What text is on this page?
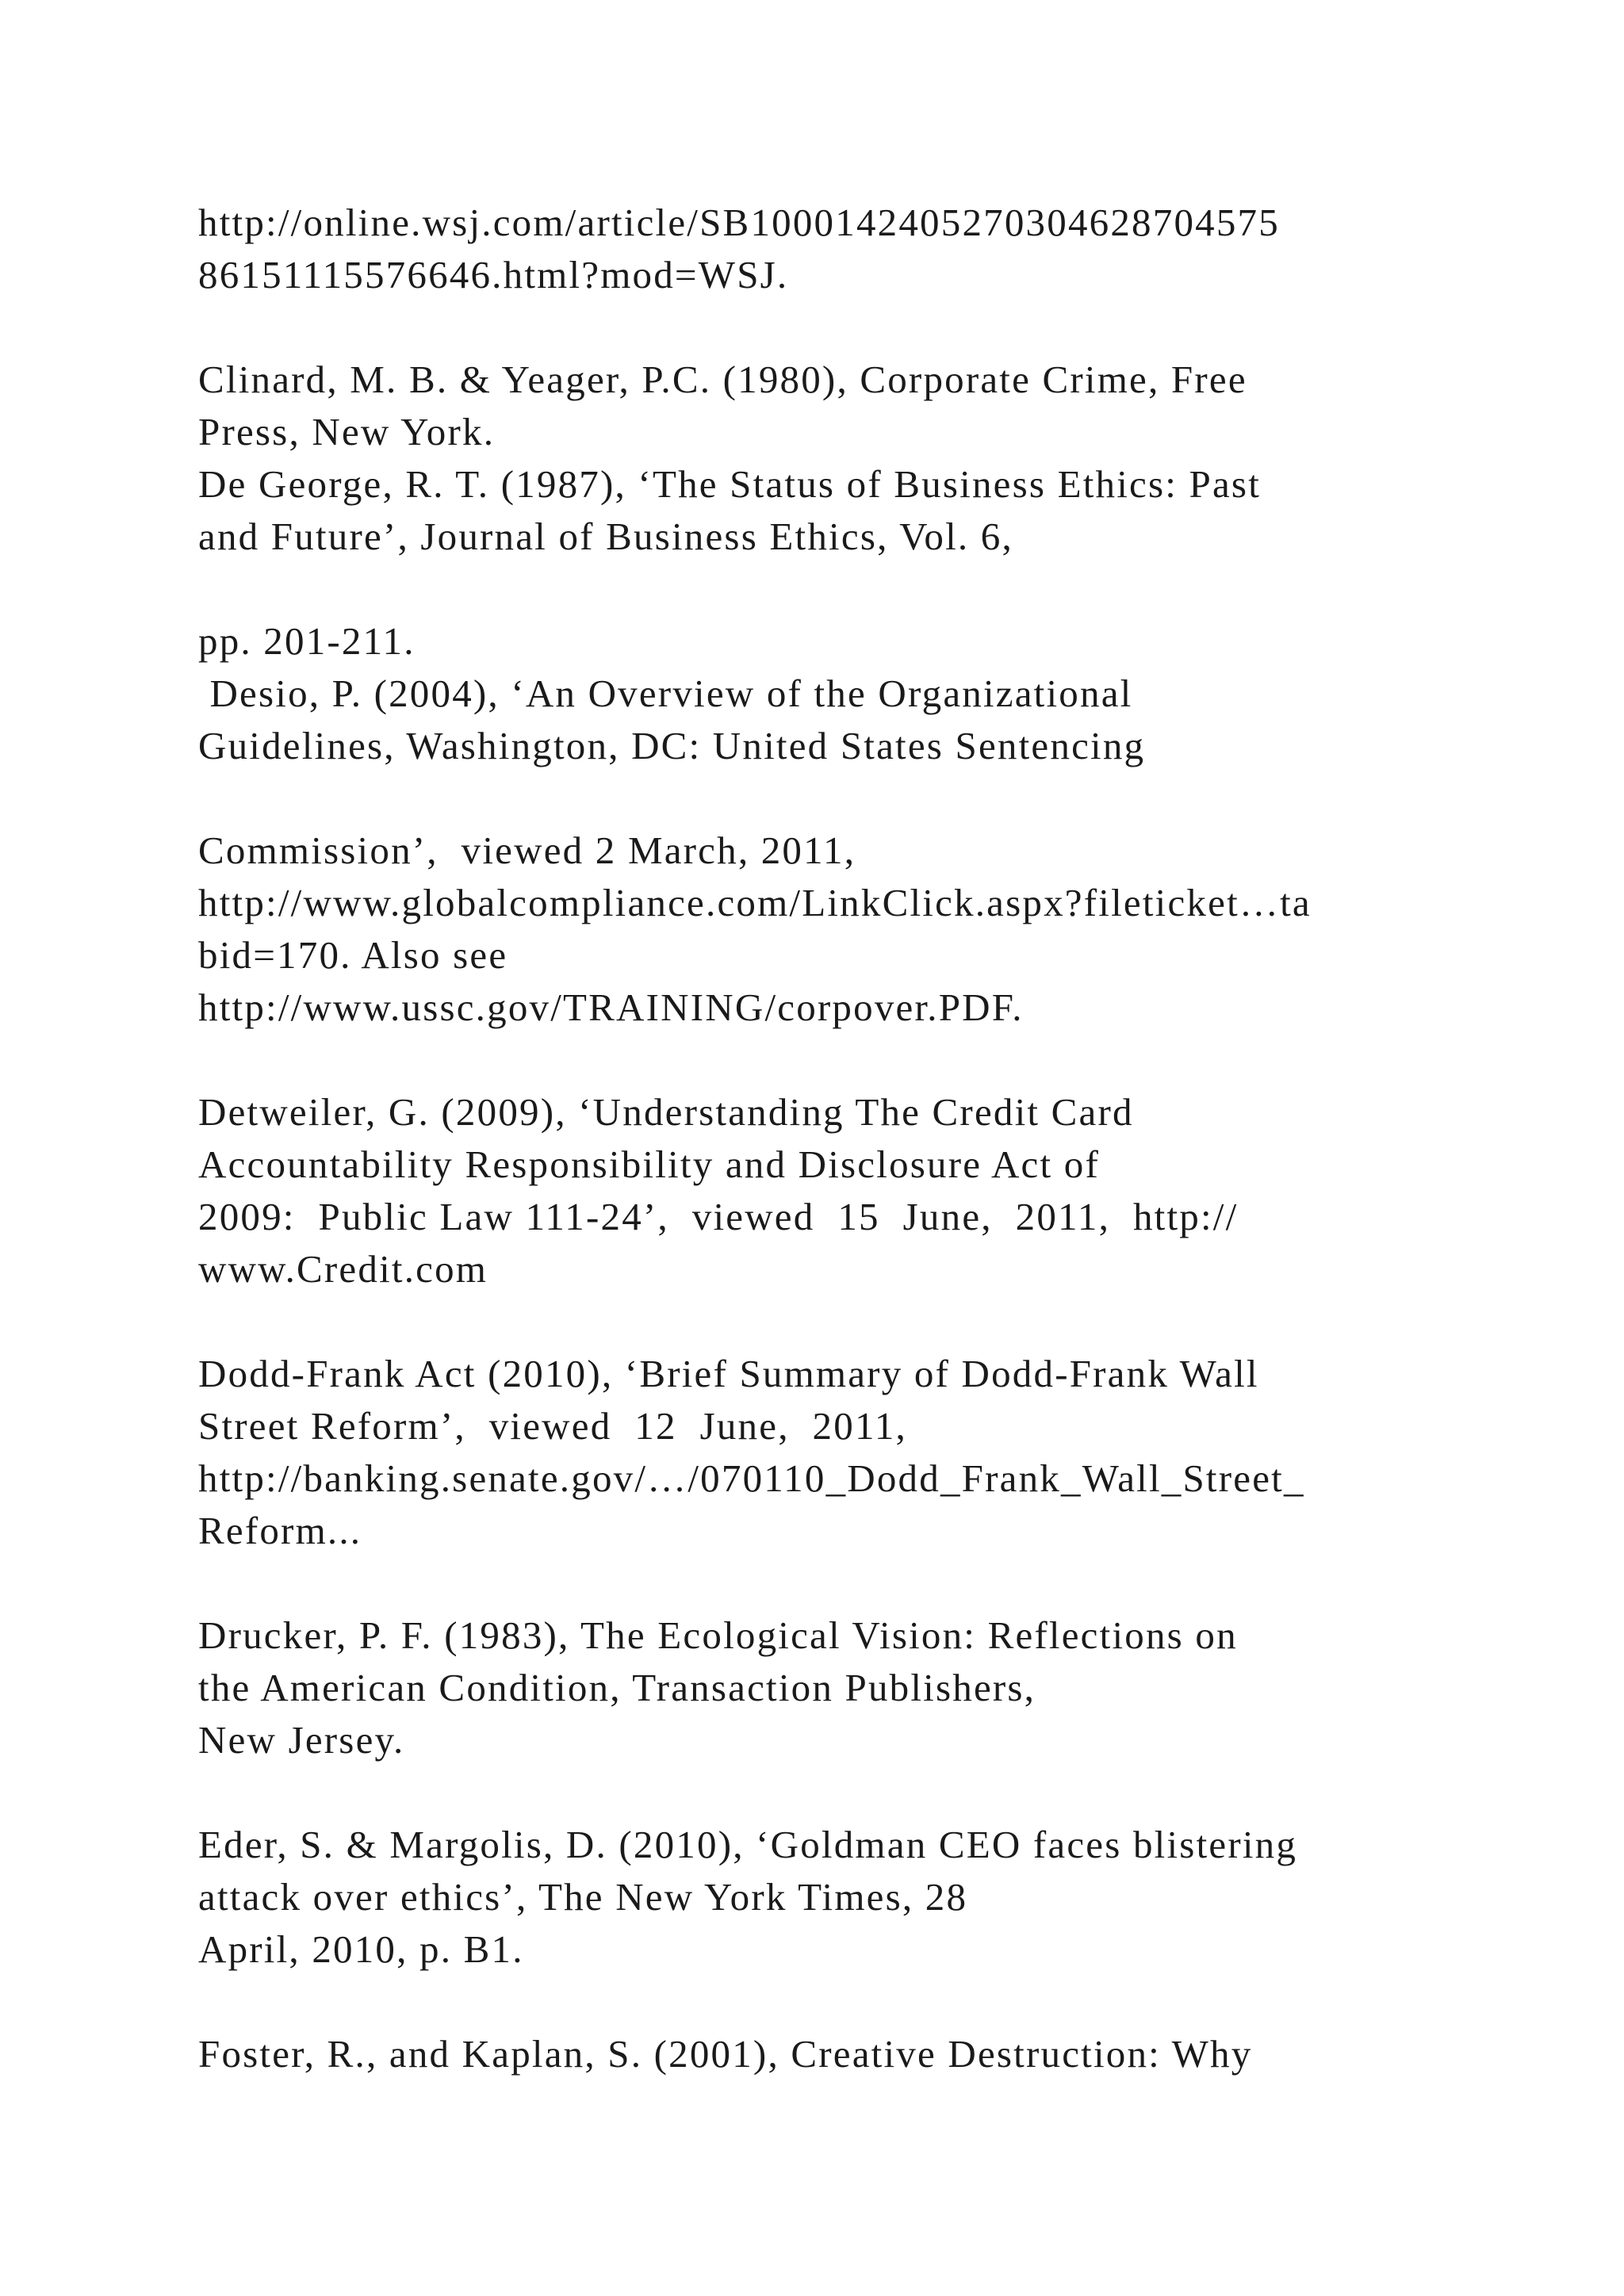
http://online.wsj.com/article/SB1000142405270304628704575
86151115576646.html?mod=WSJ.
Clinard, M. B. & Yeager, P.C. (1980), Corporate Crime, Free
Press, New York.
De George, R. T. (1987), ‘The Status of Business Ethics: Past
and Future’, Journal of Business Ethics, Vol. 6,
pp. 201-211.
Desio, P. (2004), ‘An Overview of the Organizational
Guidelines, Washington, DC: United States Sentencing
Commission’,  viewed 2 March, 2011,
http://www.globalcompliance.com/LinkClick.aspx?fileticket…ta
bid=170. Also see
http://www.ussc.gov/TRAINING/corpover.PDF.
Detweiler, G. (2009), ‘Understanding The Credit Card
Accountability Responsibility and Disclosure Act of
2009:  Public Law 111-24’,  viewed  15  June,  2011,  http://
www.Credit.com
Dodd-Frank Act (2010), ‘Brief Summary of Dodd-Frank Wall
Street Reform’,  viewed  12  June,  2011,
http://banking.senate.gov/…/070110_Dodd_Frank_Wall_Street_
Reform...
Drucker, P. F. (1983), The Ecological Vision: Reflections on
the American Condition, Transaction Publishers,
New Jersey.
Eder, S. & Margolis, D. (2010), ‘Goldman CEO faces blistering
attack over ethics’, The New York Times, 28
April, 2010, p. B1.
Foster, R., and Kaplan, S. (2001), Creative Destruction: Why
